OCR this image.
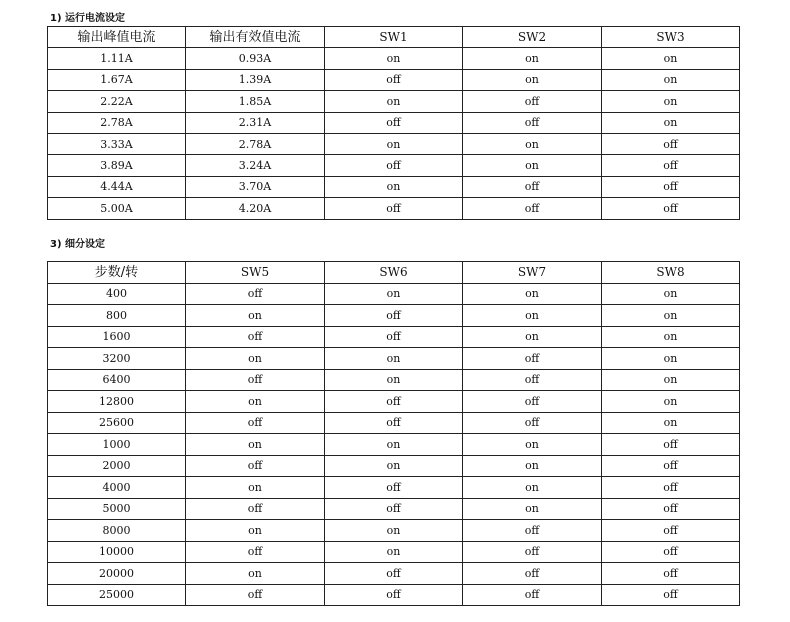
1) 运行电流设定
输出峰值电流	输出有效值电流	SW1	SW2	SW3
1.11A	0.93A	on	on	on
1.67A	1.39A	off	on	on
2.22A	1.85A	on	off	on
2.78A	2.31A	off	off	on
3.33A	2.78A	on	on	off
3.89A	3.24A	off	on	off
4.44A	3.70A	on	off	off
5.00A	4.20A	off	off	off
3) 细分设定
步数/转	SW5	SW6	SW7	SW8
400	off	on	on	on
800	on	off	on	on
1600	off	off	on	on
3200	on	on	off	on
6400	off	on	off	on
12800	on	off	off	on
25600	off	off	off	on
1000	on	on	on	off
2000	off	on	on	off
4000	on	off	on	off
5000	off	off	on	off
8000	on	on	off	off
10000	off	on	off	off
20000	on	off	off	off
25000	off	off	off	off
